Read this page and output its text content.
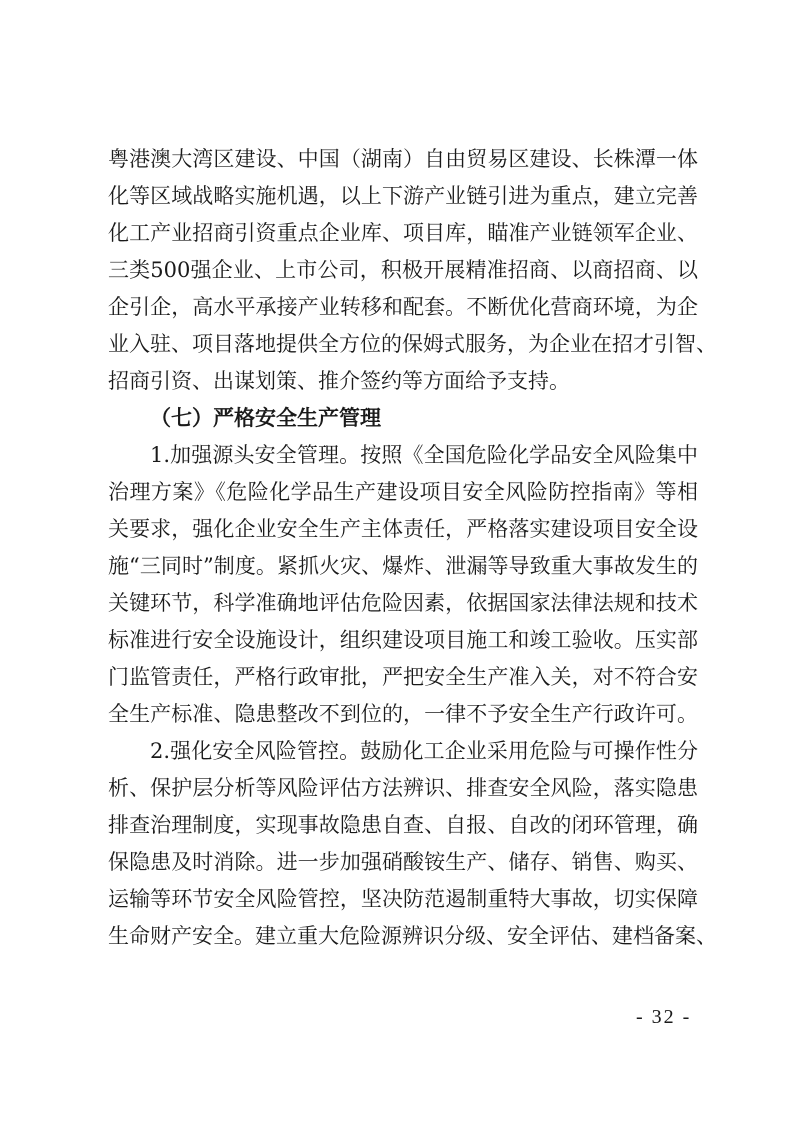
粤港澳大湾区建设、中国（湖南）自由贸易区建设、长株潭一体
化等区域战略实施机遇，以上下游产业链引进为重点，建立完善
化工产业招商引资重点企业库、项目库，瞄准产业链领军企业、
三类500强企业、上市公司，积极开展精准招商、以商招商、以
企引企，高水平承接产业转移和配套。不断优化营商环境，为企
业入驻、项目落地提供全方位的保姆式服务，为企业在招才引智、
招商引资、出谋划策、推介签约等方面给予支持。
（七）严格安全生产管理
1.加强源头安全管理。按照《全国危险化学品安全风险集中
治理方案》《危险化学品生产建设项目安全风险防控指南》等相
关要求，强化企业安全生产主体责任，严格落实建设项目安全设
施“三同时”制度。紧抓火灾、爆炸、泄漏等导致重大事故发生的
关键环节，科学准确地评估危险因素，依据国家法律法规和技术
标准进行安全设施设计，组织建设项目施工和竣工验收。压实部
门监管责任，严格行政审批，严把安全生产准入关，对不符合安
全生产标准、隐患整改不到位的，一律不予安全生产行政许可。
2.强化安全风险管控。鼓励化工企业采用危险与可操作性分
析、保护层分析等风险评估方法辨识、排查安全风险，落实隐患
排查治理制度，实现事故隐患自查、自报、自改的闭环管理，确
保隐患及时消除。进一步加强硝酸铵生产、储存、销售、购买、
运输等环节安全风险管控，坚决防范遏制重特大事故，切实保障
生命财产安全。建立重大危险源辨识分级、安全评估、建档备案、
- 32 -
